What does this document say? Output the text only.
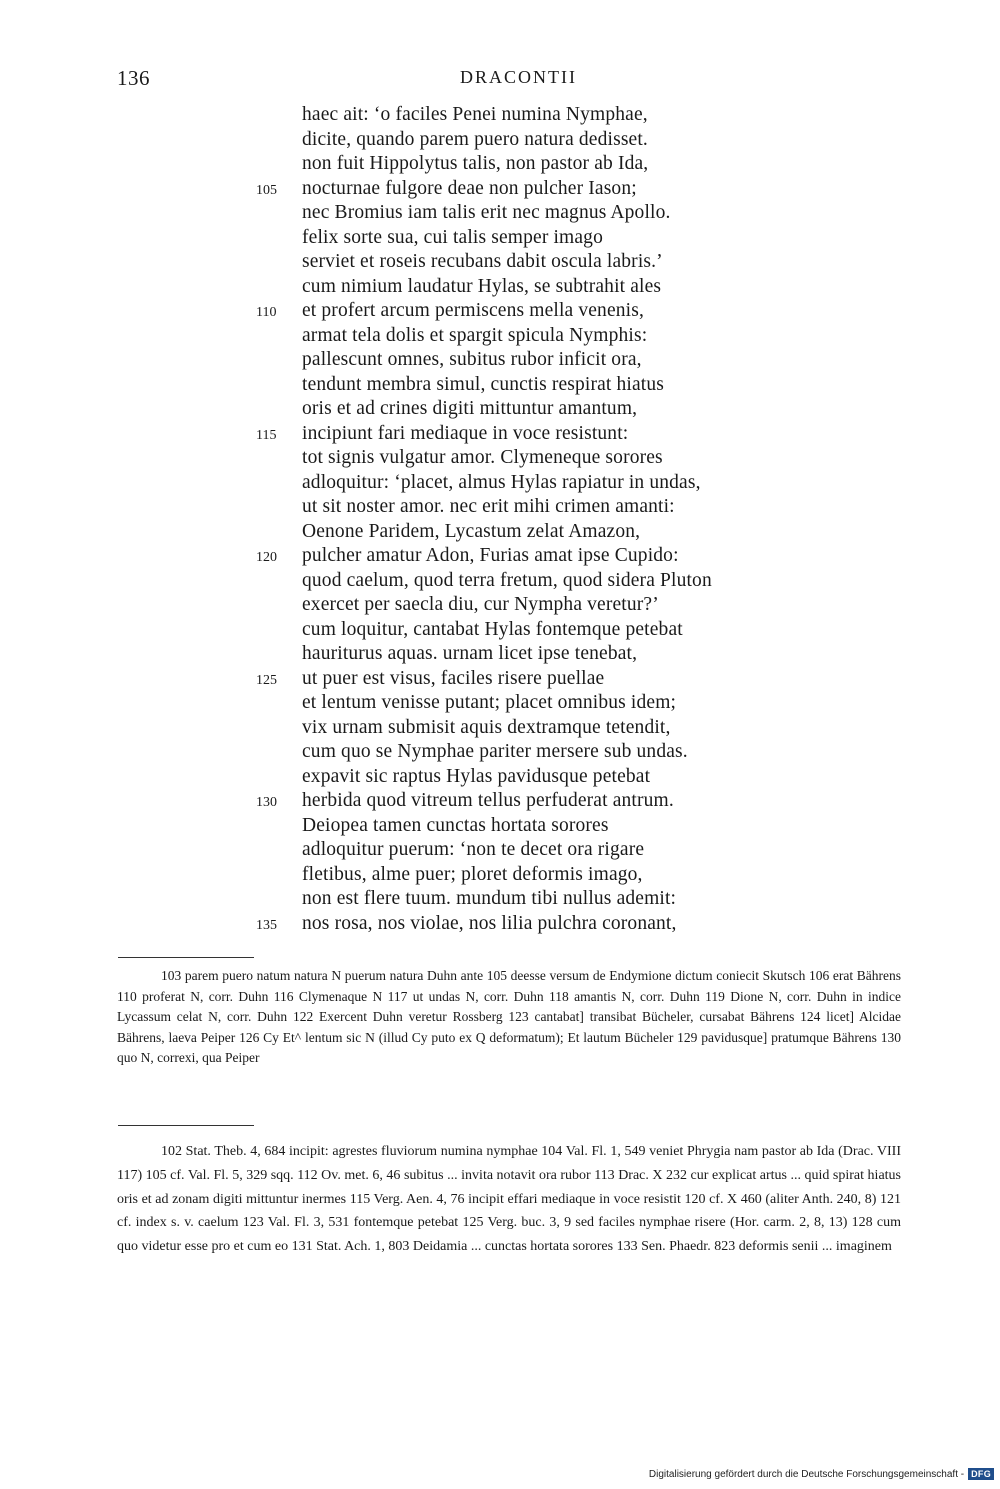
136	DRACONTII
haec ait: ‘o faciles Penei numina Nymphae,
dicite, quando parem puero natura dedisset.
non fuit Hippolytus talis, non pastor ab Ida,
105	nocturnae fulgore deae non pulcher Iason;
nec Bromius iam talis erit nec magnus Apollo.
felix sorte sua, cui talis semper imago
serviet et roseis recubans dabit oscula labris.’
cum nimium laudatur Hylas, se subtrahit ales
110	et profert arcum permiscens mella venenis,
armat tela dolis et spargit spicula Nymphis:
pallescunt omnes, subitus rubor inficit ora,
tendunt membra simul, cunctis respirat hiatus
oris et ad crines digiti mittuntur amantum,
115	incipiunt fari mediaque in voce resistunt:
tot signis vulgatur amor. Clymeneque sorores
adloquitur: ‘placet, almus Hylas rapiatur in undas,
ut sit noster amor. nec erit mihi crimen amanti:
Oenone Paridem, Lycastum zelat Amazon,
120	pulcher amatur Adon, Furias amat ipse Cupido:
quod caelum, quod terra fretum, quod sidera Pluton
exercet per saecla diu, cur Nympha veretur?’
cum loquitur, cantabat Hylas fontemque petebat
hauriturus aquas. urnam licet ipse tenebat,
125	ut puer est visus, faciles risere puellae
et lentum venisse putant; placet omnibus idem;
vix urnam submisit aquis dextramque tetendit,
cum quo se Nymphae pariter mersere sub undas.
expavit sic raptus Hylas pavidusque petebat
130	herbida quod vitreum tellus perfuderat antrum.
Deiopea tamen cunctas hortata sorores
adloquitur puerum: ‘non te decet ora rigare
fletibus, alme puer; ploret deformis imago,
non est flere tuum. mundum tibi nullus ademit:
135	nos rosa, nos violae, nos lilia pulchra coronant,

103 parem puero natum natura N puerum natura Duhn ante 105 deesse versum de Endymione dictum coniecit Skutsch 106 erat Bährens 110 proferat N, corr. Duhn 116 Clymenaque N 117 ut undas N, corr. Duhn 118 amantis N, corr. Duhn 119 Dione N, corr. Duhn in indice Lycassum celat N, corr. Duhn 122 Exercent Duhn veretur Rossberg 123 cantabat] transibat Bücheler, cursabat Bährens 124 licet] Alcidae Bährens, laeva Peiper 126 Cy Et^ lentum sic N (illud Cy puto ex Q deformatum); Et lautum Bücheler 129 pavidusque] pratumque Bährens 130 quo N, correxi, qua Peiper

102 Stat. Theb. 4, 684 incipit: agrestes fluviorum numina nymphae 104 Val. Fl. 1, 549 veniet Phrygia nam pastor ab Ida (Drac. VIII 117) 105 cf. Val. Fl. 5, 329 sqq. 112 Ov. met. 6, 46 subitus ... invita notavit ora rubor 113 Drac. X 232 cur explicat artus ... quid spirat hiatus oris et ad zonam digiti mittuntur inermes 115 Verg. Aen. 4, 76 incipit effari mediaque in voce resistit 120 cf. X 460 (aliter Anth. 240, 8) 121 cf. index s. v. caelum 123 Val. Fl. 3, 531 fontemque petebat 125 Verg. buc. 3, 9 sed faciles nymphae risere (Hor. carm. 2, 8, 13) 128 cum quo videtur esse pro et cum eo 131 Stat. Ach. 1, 803 Deidamia ... cunctas hortata sorores 133 Sen. Phaedr. 823 deformis senii ... imaginem

Digitalisierung gefördert durch die Deutsche Forschungsgemeinschaft - DFG
